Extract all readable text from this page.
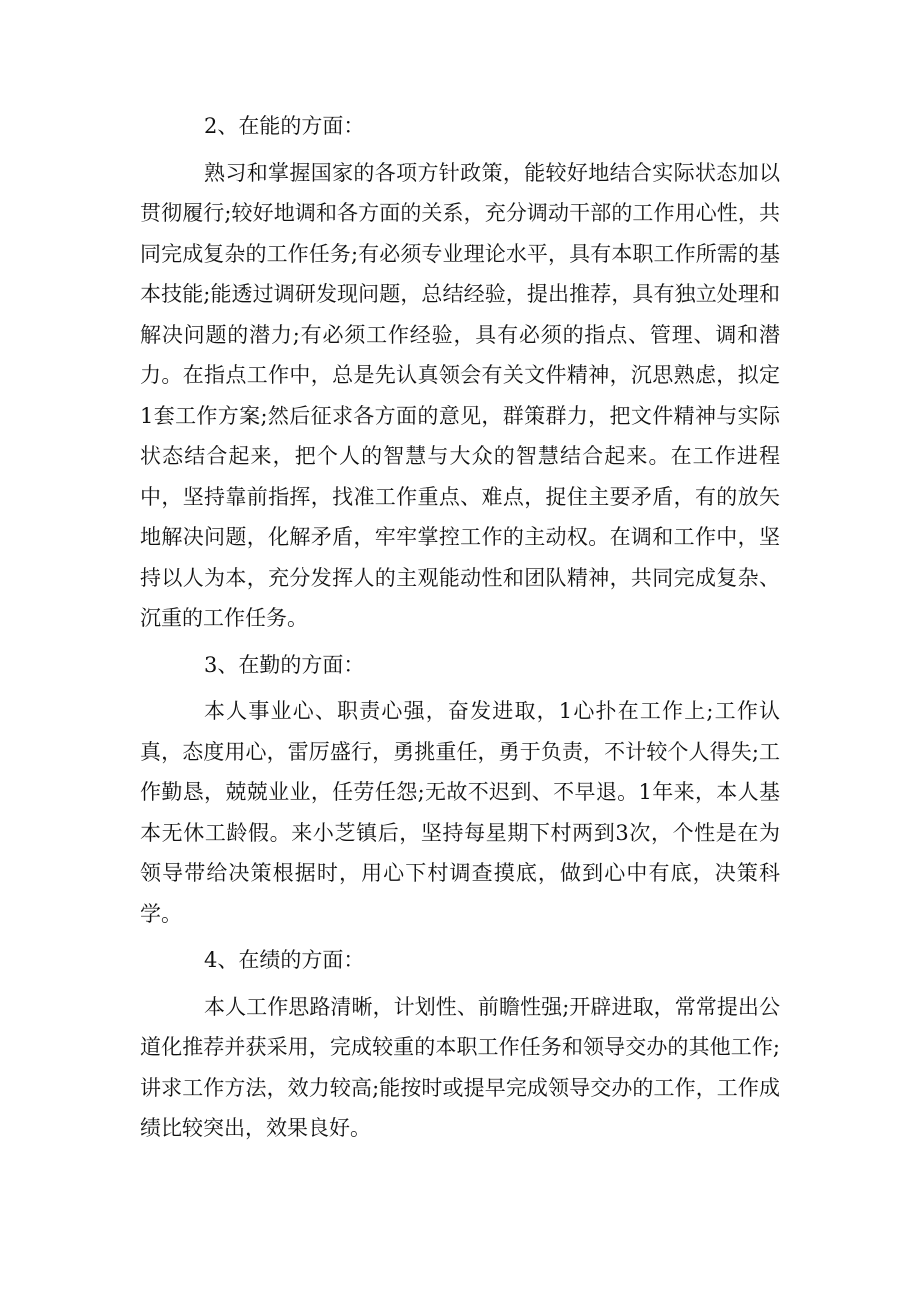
2、在能的方面：

熟习和掌握国家的各项方针政策，能较好地结合实际状态加以贯彻履行;较好地调和各方面的关系，充分调动干部的工作用心性，共同完成复杂的工作任务;有必须专业理论水平，具有本职工作所需的基本技能;能透过调研发现问题，总结经验，提出推荐，具有独立处理和解决问题的潜力;有必须工作经验，具有必须的指点、管理、调和潜力。在指点工作中，总是先认真领会有关文件精神，沉思熟虑，拟定1套工作方案;然后征求各方面的意见，群策群力，把文件精神与实际状态结合起来，把个人的智慧与大众的智慧结合起来。在工作进程中，坚持靠前指挥，找准工作重点、难点，捉住主要矛盾，有的放矢地解决问题，化解矛盾，牢牢掌控工作的主动权。在调和工作中，坚持以人为本，充分发挥人的主观能动性和团队精神，共同完成复杂、沉重的工作任务。

3、在勤的方面：

本人事业心、职责心强，奋发进取，1心扑在工作上;工作认真，态度用心，雷厉盛行，勇挑重任，勇于负责，不计较个人得失;工作勤恳，兢兢业业，任劳任怨;无故不迟到、不早退。1年来，本人基本无休工龄假。来小芝镇后，坚持每星期下村两到3次，个性是在为领导带给决策根据时，用心下村调查摸底，做到心中有底，决策科学。

4、在绩的方面：

本人工作思路清晰，计划性、前瞻性强;开辟进取，常常提出公道化推荐并获采用，完成较重的本职工作任务和领导交办的其他工作;讲求工作方法，效力较高;能按时或提早完成领导交办的工作，工作成绩比较突出，效果良好。
